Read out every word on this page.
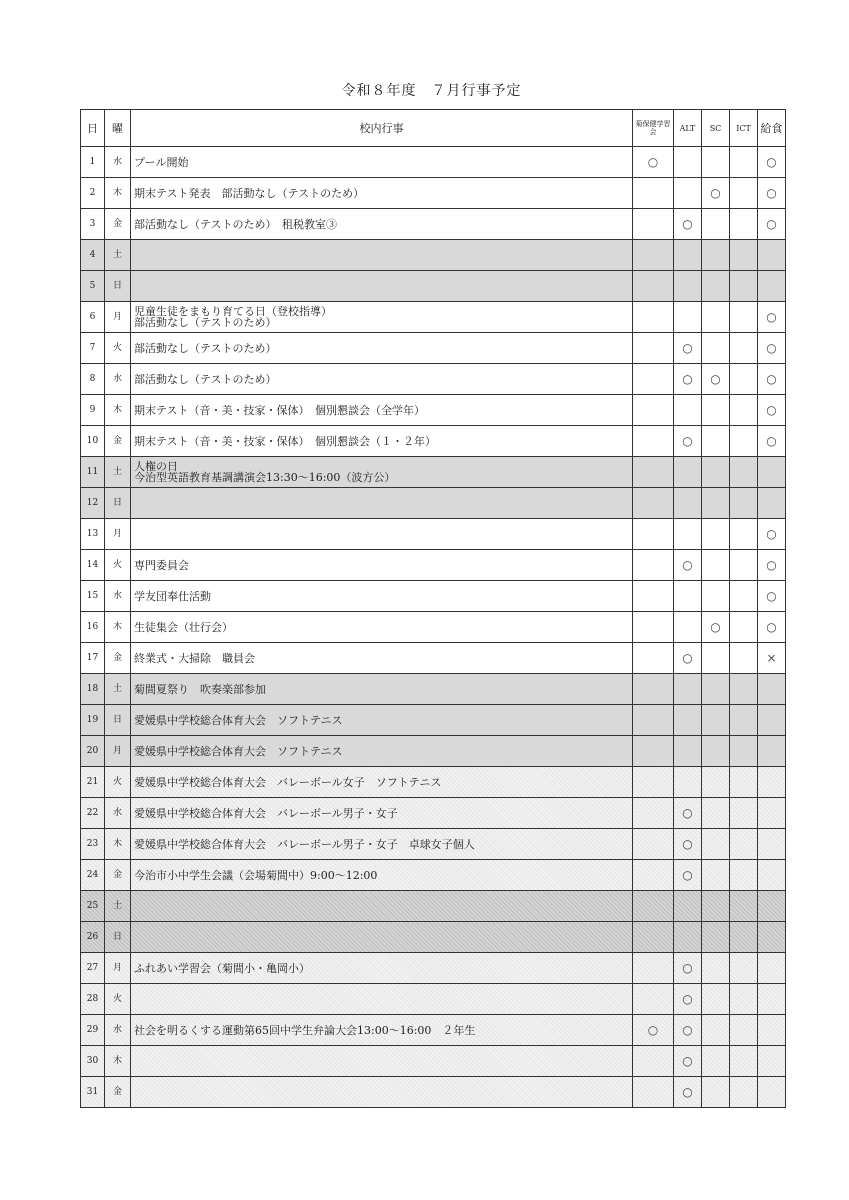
令和８年度　７月行事予定
日	曜	校内行事	菊保健学習会	ALT	SC	ICT	給食
1	水	プール開始	○				○
2	木	期末テスト発表　部活動なし（テストのため）			○		○
3	金	部活動なし（テストのため）　租税教室③		○			○
4	土	

5	日	

6	月	児童生徒をまもり育てる日（登校指導）
部活動なし（テストのため）					○
7	火	部活動なし（テストのため）		○			○
8	水	部活動なし（テストのため）		○	○		○
9	木	期末テスト（音・美・技家・保体）　個別懇談会（全学年）					○
10	金	期末テスト（音・美・技家・保体）　個別懇談会（１・２年）		○			○
11	土	人権の日
今治型英語教育基調講演会13:30～16:00（波方公）					

12	日	

13	月						○
14	火	専門委員会		○			○
15	水	学友団奉仕活動					○
16	木	生徒集会（壮行会）			○		○
17	金	終業式・大掃除　職員会		○			×
18	土	菊間夏祭り　吹奏楽部参加					

19	日	愛媛県中学校総合体育大会　ソフトテニス					

20	月	愛媛県中学校総合体育大会　ソフトテニス					

21	火	愛媛県中学校総合体育大会　バレーボール女子　ソフトテニス					

22	水	愛媛県中学校総合体育大会　バレーボール男子・女子		○			
23	木	愛媛県中学校総合体育大会　バレーボール男子・女子　卓球女子個人		○			
24	金	今治市小中学生会議（会場菊間中）9:00～12:00		○			
25	土	

26	日	

27	月	ふれあい学習会（菊間小・亀岡小）		○			
28	火			○			
29	水	社会を明るくする運動第65回中学生弁論大会13:00～16:00　２年生	○	○			
30	木			○			
31	金			○			
